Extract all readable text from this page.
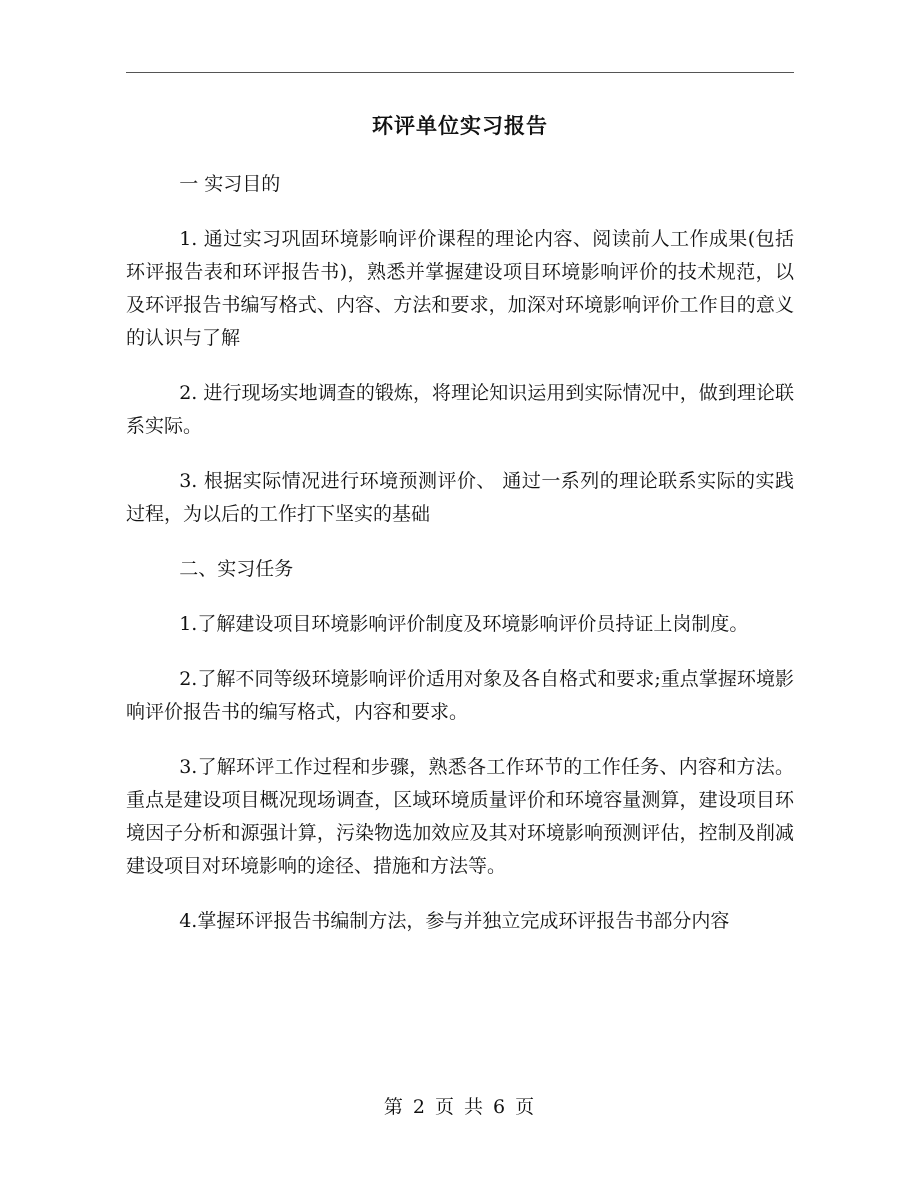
环评单位实习报告
一 实习目的

1. 通过实习巩固环境影响评价课程的理论内容、阅读前人工作成果(包括环评报告表和环评报告书)，熟悉并掌握建设项目环境影响评价的技术规范，以及环评报告书编写格式、内容、方法和要求，加深对环境影响评价工作目的意义的认识与了解

2. 进行现场实地调查的锻炼，将理论知识运用到实际情况中，做到理论联系实际。

3. 根据实际情况进行环境预测评价、 通过一系列的理论联系实际的实践过程，为以后的工作打下坚实的基础

二、实习任务

1.了解建设项目环境影响评价制度及环境影响评价员持证上岗制度。

2.了解不同等级环境影响评价适用对象及各自格式和要求;重点掌握环境影响评价报告书的编写格式，内容和要求。

3.了解环评工作过程和步骤，熟悉各工作环节的工作任务、内容和方法。重点是建设项目概况现场调查，区域环境质量评价和环境容量测算，建设项目环境因子分析和源强计算，污染物选加效应及其对环境影响预测评估，控制及削减建设项目对环境影响的途径、措施和方法等。

4.掌握环评报告书编制方法，参与并独立完成环评报告书部分内容

第 2 页 共 6 页
